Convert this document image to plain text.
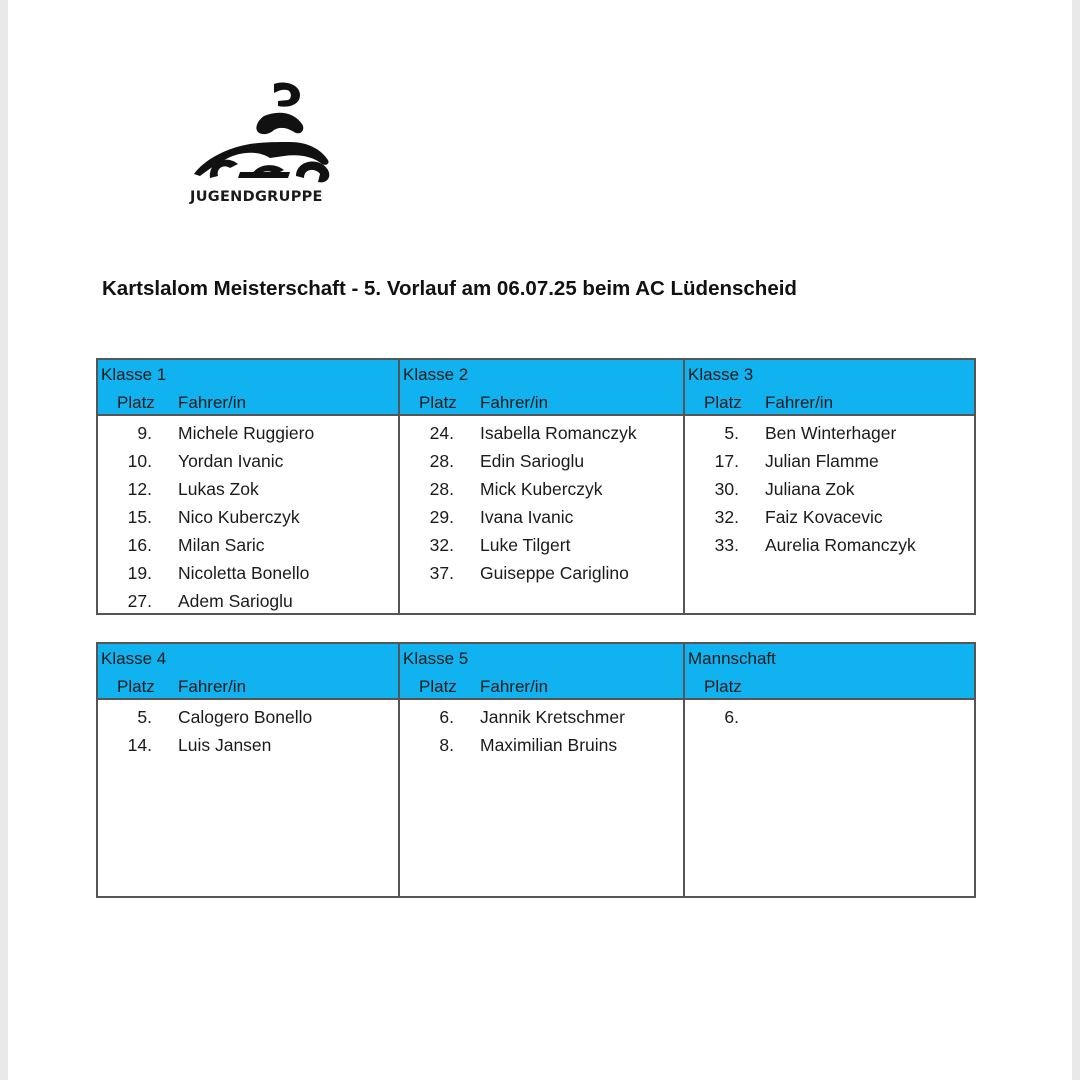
JUGENDGRUPPE
Kartslalom Meisterschaft - 5. Vorlauf am 06.07.25 beim AC Lüdenscheid
Klasse 1
Platz Fahrer/in
9. Michele Ruggiero
10. Yordan Ivanic
12. Lukas Zok
15. Nico Kuberczyk
16. Milan Saric
19. Nicoletta Bonello
27. Adem Sarioglu
Klasse 2
Platz Fahrer/in
24. Isabella Romanczyk
28. Edin Sarioglu
28. Mick Kuberczyk
29. Ivana Ivanic
32. Luke Tilgert
37. Guiseppe Cariglino
Klasse 3
Platz Fahrer/in
5. Ben Winterhager
17. Julian Flamme
30. Juliana Zok
32. Faiz Kovacevic
33. Aurelia Romanczyk
Klasse 4
Platz Fahrer/in
5. Calogero Bonello
14. Luis Jansen
Klasse 5
Platz Fahrer/in
6. Jannik Kretschmer
8. Maximilian Bruins
Mannschaft
Platz
6.
